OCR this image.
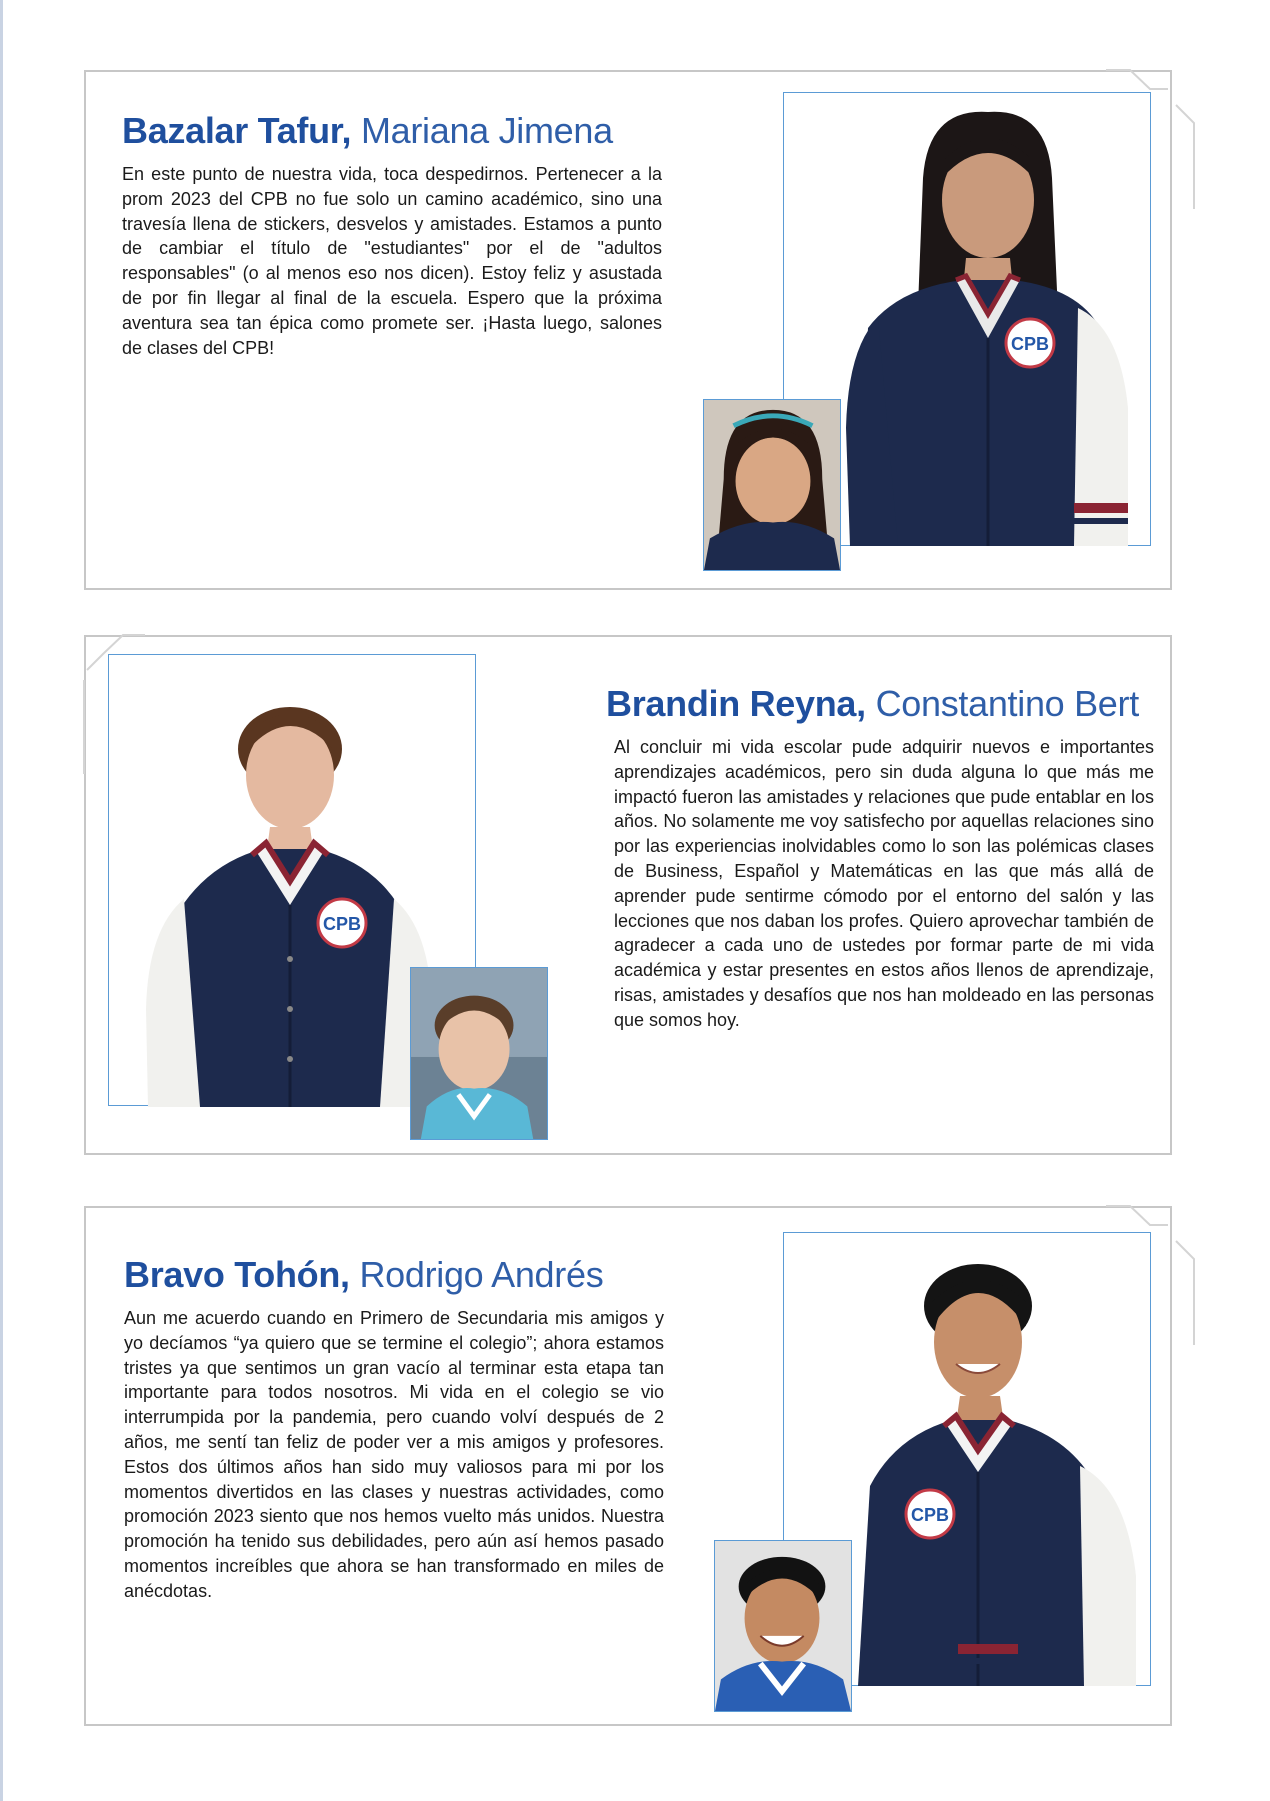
Bazalar Tafur, Mariana Jimena

En este punto de nuestra vida, toca despedirnos. Pertenecer a la prom 2023 del CPB no fue solo un camino académico, sino una travesía llena de stickers, desvelos y amistades. Estamos a punto de cambiar el título de "estudiantes" por el de "adultos responsables" (o al menos eso nos dicen). Estoy feliz y asustada de por fin llegar al final de la escuela. Espero que la próxima aventura sea tan épica como promete ser. ¡Hasta luego, salones de clases del CPB!	CPB
CPB
Brandin Reyna, Constantino Bert

Al concluir mi vida escolar pude adquirir nuevos e importantes aprendizajes académicos, pero sin duda alguna lo que más me impactó fueron las amistades y relaciones que pude entablar en los años. No solamente me voy satisfecho por aquellas relaciones sino por las experiencias inolvidables como lo son las polémicas clases de Business, Español y Matemáticas en las que más allá de aprender pude sentirme cómodo por el entorno del salón y las lecciones que nos daban los profes. Quiero aprovechar también de agradecer a cada uno de ustedes por formar parte de mi vida académica y estar presentes en estos años llenos de aprendizaje, risas, amistades y desafíos que nos han moldeado en las personas que somos hoy.

Bravo Tohón, Rodrigo Andrés

Aun me acuerdo cuando en Primero de Secundaria mis amigos y yo decíamos “ya quiero que se termine el colegio”; ahora estamos tristes ya que sentimos un gran vacío al terminar esta etapa tan importante para todos nosotros. Mi vida en el colegio se vio interrumpida por la pandemia, pero cuando volví después de 2 años, me sentí tan feliz de poder ver a mis amigos y profesores. Estos dos últimos años han sido muy valiosos para mi por los momentos divertidos en las clases y nuestras actividades, como promoción 2023 siento que nos hemos vuelto más unidos. Nuestra promoción ha tenido sus debilidades, pero aún así hemos pasado momentos increíbles que ahora se han transformado en miles de anécdotas.

CPB
